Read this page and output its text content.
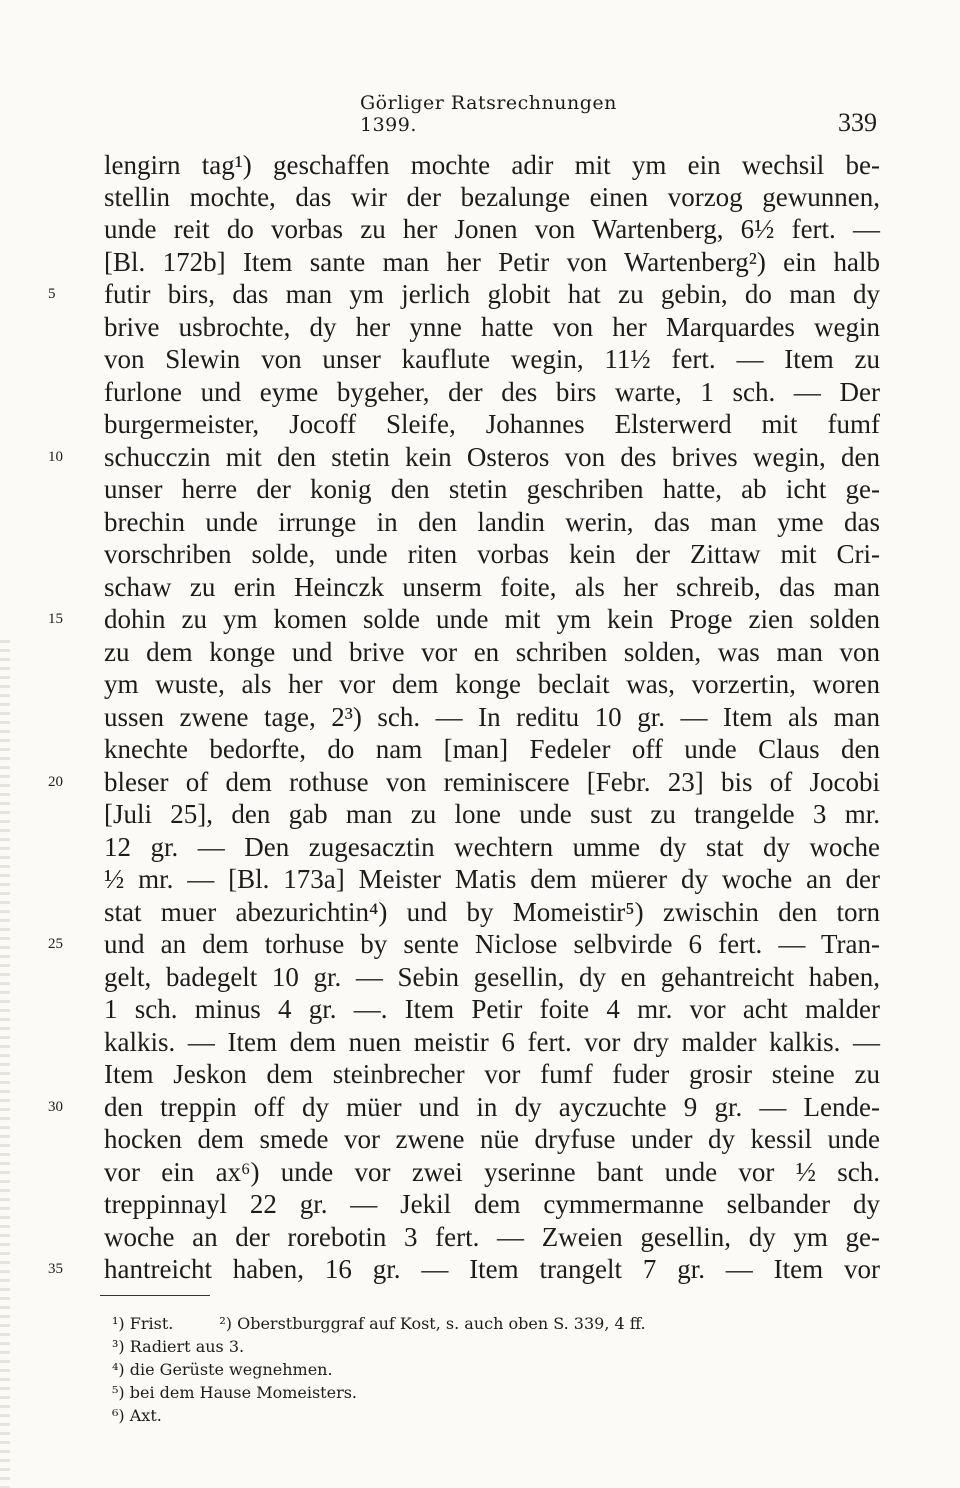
Görliger Ratsrechnungen 1399.	339

lengirn tag¹) geschaffen mochte adir mit ym ein wechsil be-

stellin mochte, das wir der bezalunge einen vorzog gewunnen,

unde reit do vorbas zu her Jonen von Wartenberg, 6½ fert. —

[Bl. 172b] Item sante man her Petir von Wartenberg²) ein halb

futir birs, das man ym jerlich globit hat zu gebin, do man dy

brive usbrochte, dy her ynne hatte von her Marquardes wegin

von Slewin von unser kauflute wegin, 11½ fert. — Item zu

furlone und eyme bygeher, der des birs warte, 1 sch. — Der

burgermeister, Jocoff Sleife, Johannes Elsterwerd mit fumf

schucczin mit den stetin kein Osteros von des brives wegin, den

unser herre der konig den stetin geschriben hatte, ab icht ge-

brechin unde irrunge in den landin werin, das man yme das

vorschriben solde, unde riten vorbas kein der Zittaw mit Cri-

schaw zu erin Heinczk unserm foite, als her schreib, das man

dohin zu ym komen solde unde mit ym kein Proge zien solden

zu dem konge und brive vor en schriben solden, was man von

ym wuste, als her vor dem konge beclait was, vorzertin, woren

ussen zwene tage, 2³) sch. — In reditu 10 gr. — Item als man

knechte bedorfte, do nam [man] Fedeler off unde Claus den

bleser of dem rothuse von reminiscere [Febr. 23] bis of Jocobi

[Juli 25], den gab man zu lone unde sust zu trangelde 3 mr.

12 gr. — Den zugesacztin wechtern umme dy stat dy woche

½ mr. — [Bl. 173a] Meister Matis dem müerer dy woche an der

stat muer abezurichtin⁴) und by Momeistir⁵) zwischin den torn

und an dem torhuse by sente Niclose selbvirde 6 fert. — Tran-

gelt, badegelt 10 gr. — Sebin gesellin, dy en gehantreicht haben,

1 sch. minus 4 gr. —. Item Petir foite 4 mr. vor acht malder

kalkis. — Item dem nuen meistir 6 fert. vor dry malder kalkis. —

Item Jeskon dem steinbrecher vor fumf fuder grosir steine zu

den treppin off dy müer und in dy ayczuchte 9 gr. — Lende-

hocken dem smede vor zwene nüe dryfuse under dy kessil unde

vor ein ax⁶) unde vor zwei yserinne bant unde vor ½ sch.

treppinnayl 22 gr. — Jekil dem cymmermanne selbander dy

woche an der rorebotin 3 fert. — Zweien gesellin, dy ym ge-

hantreicht haben, 16 gr. — Item trangelt 7 gr. — Item vor

5
10
15
20
25
30
35

¹) Frist.	²) Oberstburggraf auf Kost, s. auch oben S. 339, 4 ff.

³) Radiert aus 3.

⁴) die Gerüste wegnehmen.

⁵) bei dem Hause Momeisters.

⁶) Axt.
